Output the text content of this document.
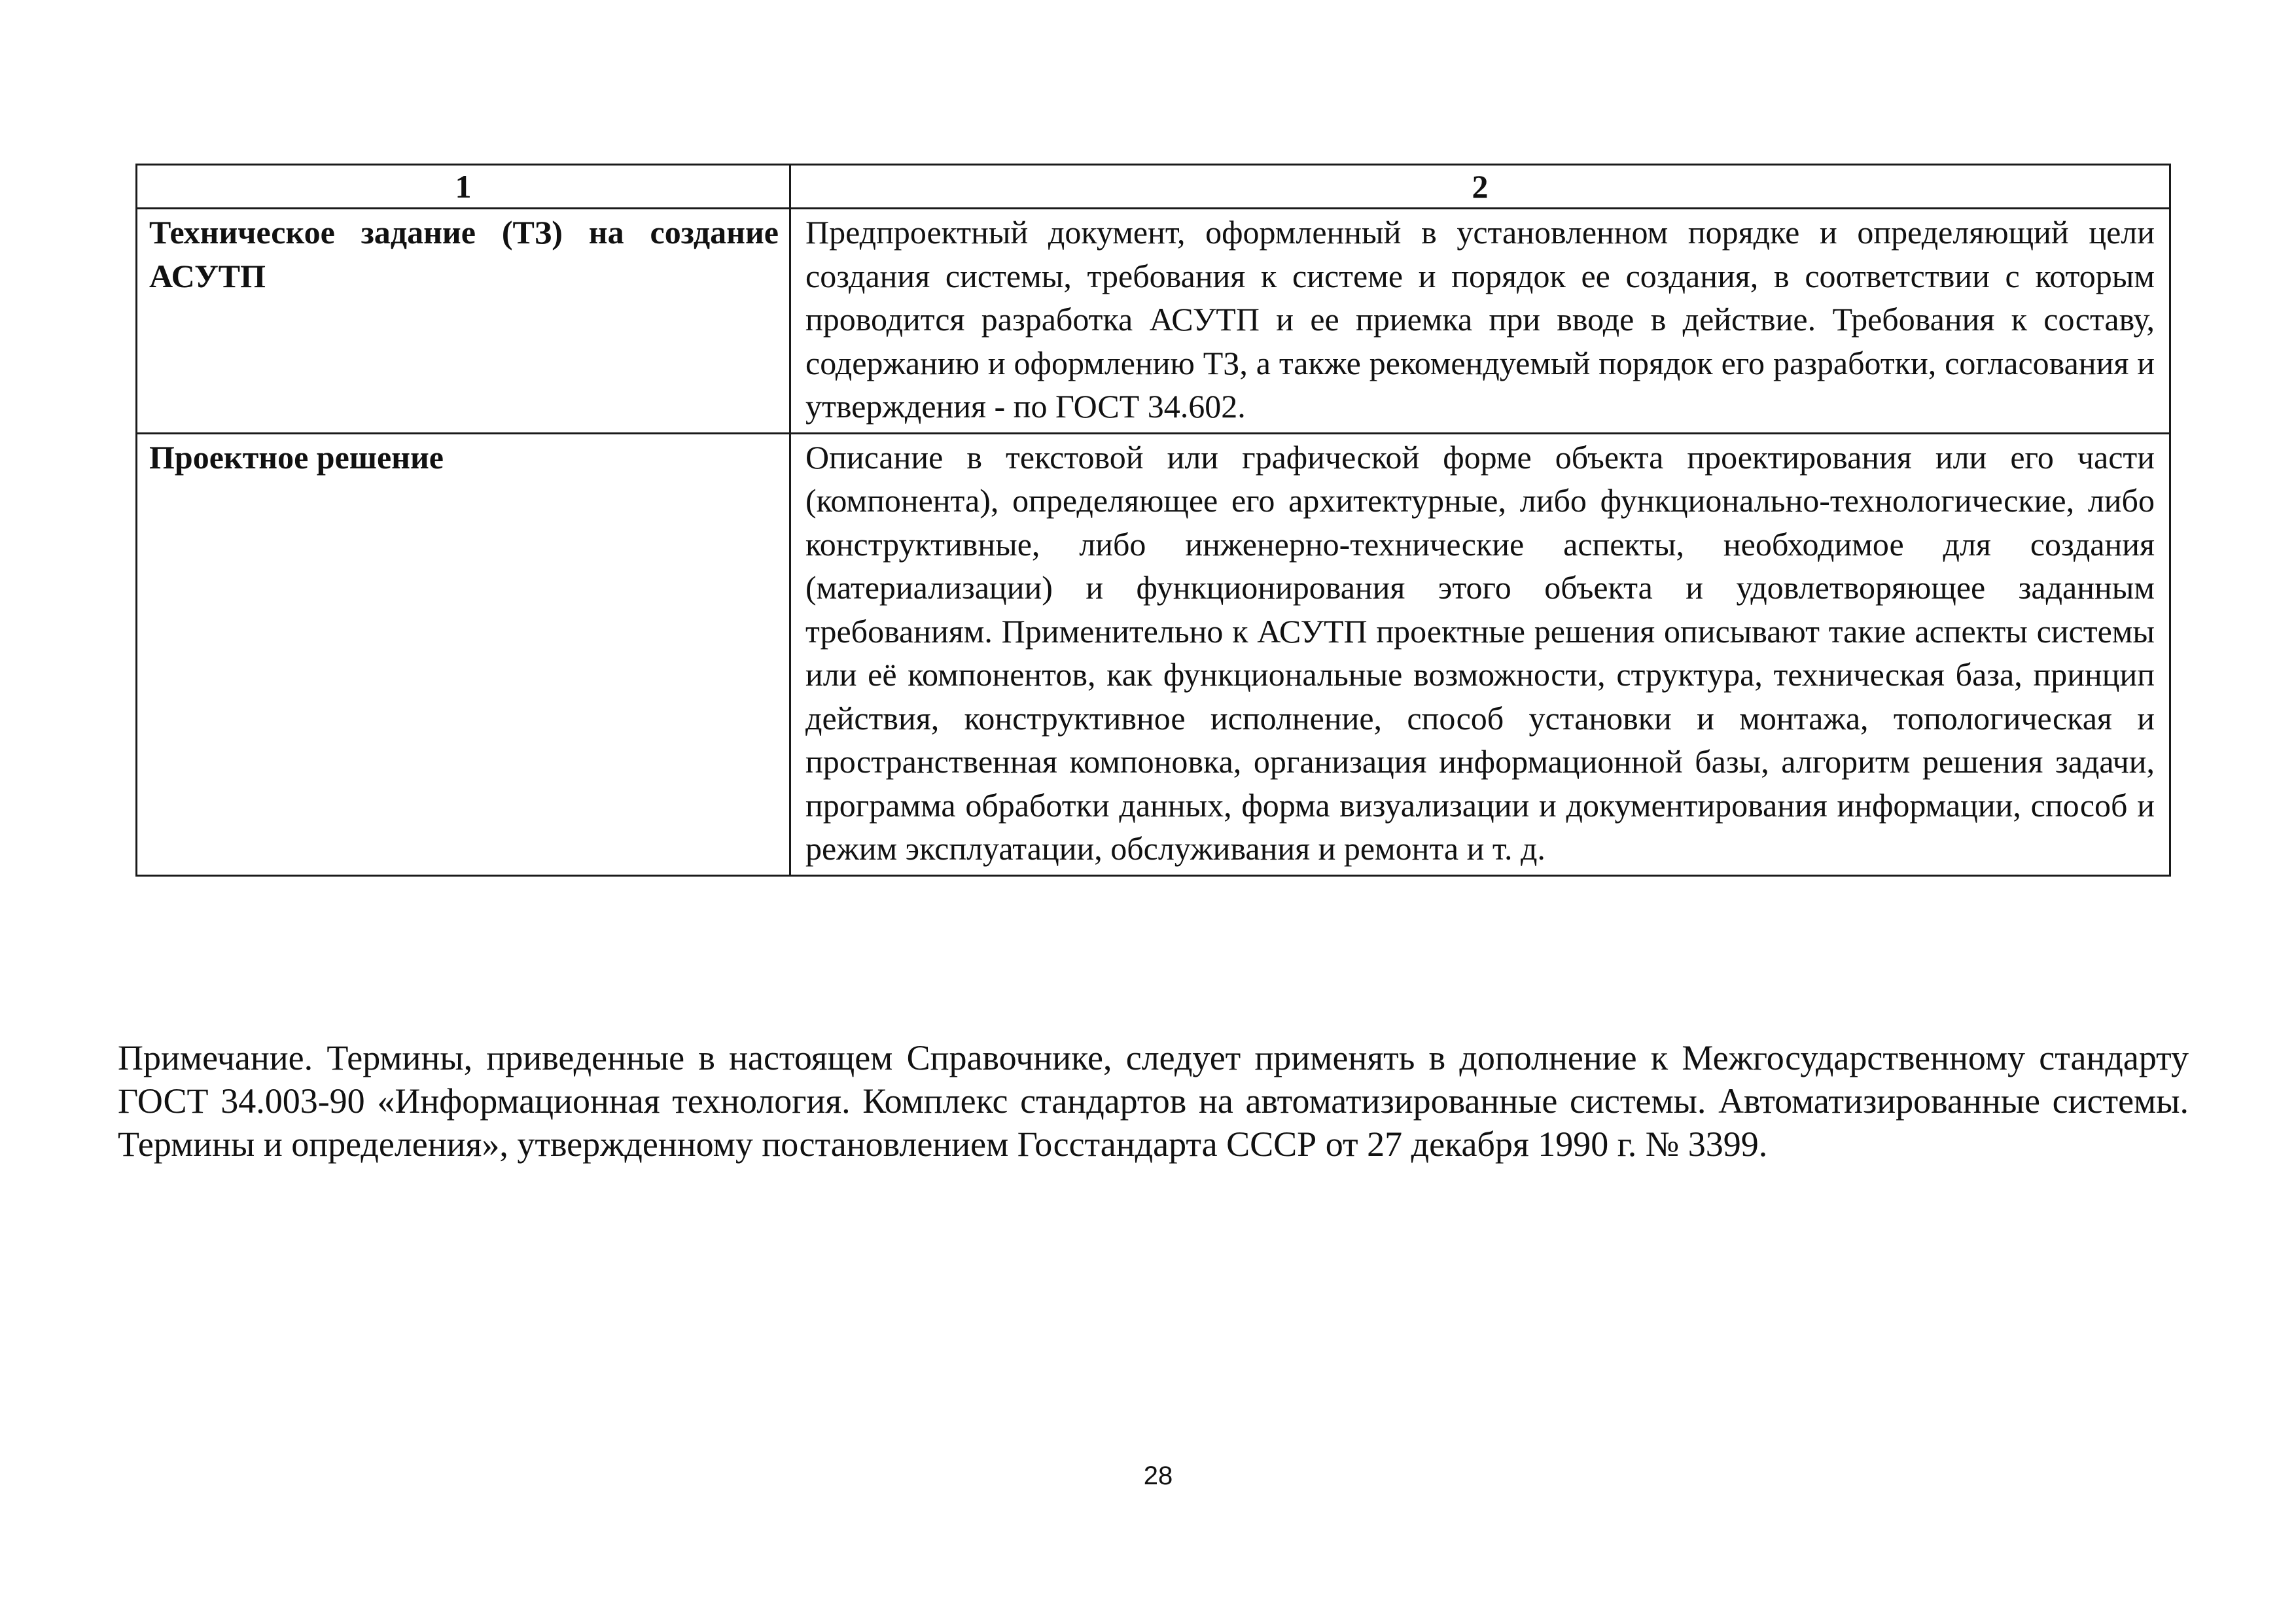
1	2
Техническое задание (ТЗ) на создание АСУТП	Предпроектный документ, оформленный в установленном порядке и определяющий цели создания системы, требования к системе и порядок ее создания, в соответствии с которым проводится разработка АСУТП и ее приемка при вводе в действие. Требования к составу, содержанию и оформлению ТЗ, а также рекомендуемый порядок его разработки, согласования и утверждения - по ГОСТ 34.602.
Проектное решение	Описание в текстовой или графической форме объекта проектирования или его части (компонента), определяющее его архитектурные, либо функционально-технологические, либо конструктивные, либо инженерно-технические аспекты, необходимое для создания (материализации) и функционирования этого объекта и удовлетворяющее заданным требованиям. Применительно к АСУТП проектные решения описывают такие аспекты системы или её компонентов, как функциональные возможности, структура, техническая база, принцип действия, конструктивное исполнение, способ установки и монтажа, топологическая и пространственная компоновка, организация информационной базы, алгоритм решения задачи, программа обработки данных, форма визуализации и документирования информации, способ и режим эксплуатации, обслуживания и ремонта и т. д.

Примечание. Термины, приведенные в настоящем Справочнике, следует применять в дополнение к Межгосударственному стандарту ГОСТ 34.003-90 «Информационная технология. Комплекс стандартов на автоматизированные системы. Автоматизированные системы. Термины и определения», утвержденному постановлением Госстандарта СССР от 27 декабря 1990 г. № 3399.

28
